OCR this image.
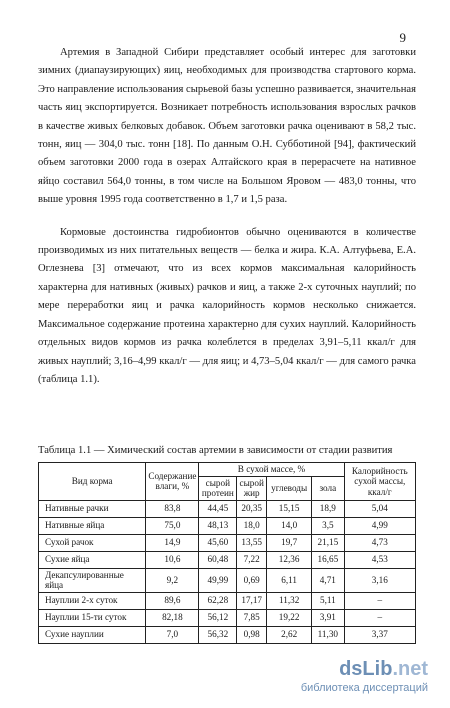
9

Артемия в Западной Сибири представляет особый интерес для заготовки зимних (диапаузирующих) яиц, необходимых для производства стартового корма. Это направление использования сырьевой базы успешно развивается, значительная часть яиц экспортируется. Возникает потребность использования взрослых рачков в качестве живых белковых добавок. Объем заготовки рачка оценивают в 58,2 тыс. тонн, яиц — 304,0 тыс. тонн [18]. По данным О.Н. Субботиной [94], фактический объем заготовки 2000 года в озерах Алтайского края в перерасчете на нативное яйцо составил 564,0 тонны, в том числе на Большом Яровом — 483,0 тонны, что выше уровня 1995 года соответственно в 1,7 и 1,5 раза.

Кормовые достоинства гидробионтов обычно оцениваются в количестве производимых из них питательных веществ — белка и жира. К.А. Алтуфьева, Е.А. Оглезнева [3] отмечают, что из всех кормов максимальная калорийность характерна для нативных (живых) рачков и яиц, а также 2-х суточных науплий; по мере переработки яиц и рачка калорийность кормов несколько снижается. Максимальное содержание протеина характерно для сухих науплий. Калорийность отдельных видов кормов из рачка колеблется в пределах 3,91–5,11 ккал/г для живых науплий; 3,16–4,99 ккал/г — для яиц; и 4,73–5,04 ккал/г — для самого рачка (таблица 1.1).

Таблица 1.1 — Химический состав артемии в зависимости от стадии развития
Вид корма	Содержание влаги, %	В сухой массе, %				Калорийность сухой массы, ккал/г
		сырой протеин	сырой жир	углеводы	зола	
Нативные рачки	83,8	44,45	20,35	15,15	18,9	5,04
Нативные яйца	75,0	48,13	18,0	14,0	3,5	4,99
Сухой рачок	14,9	45,60	13,55	19,7	21,15	4,73
Сухие яйца	10,6	60,48	7,22	12,36	16,65	4,53
Декапсулированные яйца	9,2	49,99	0,69	6,11	4,71	3,16
Науплии 2-х суток	89,6	62,28	17,17	11,32	5,11	–
Науплии 15-ти суток	82,18	56,12	7,85	19,22	3,91	–
Сухие науплии	7,0	56,32	0,98	2,62	11,30	3,37
dsLib.net
библиотека диссертаций
